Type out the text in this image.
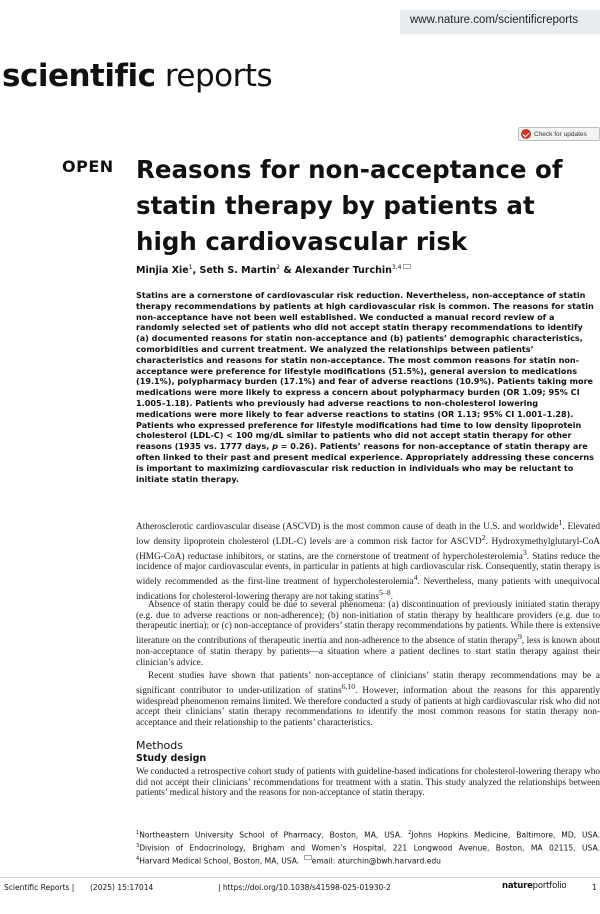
www.nature.com/scientificreports
scientific reports
Check for updates
OPEN Reasons for non-acceptance of statin therapy by patients at high cardiovascular risk
Minjia Xie$^1$, Seth S. Martin$^2$ & Alexander Turchin$^{3,4}$
Statins are a cornerstone of cardiovascular risk reduction. Nevertheless, non-acceptance of statin therapy recommendations by patients at high cardiovascular risk is common. The reasons for statin non-acceptance have not been well established. We conducted a manual record review of a randomly selected set of patients who did not accept statin therapy recommendations to identify (a) documented reasons for statin non-acceptance and (b) patients’ demographic characteristics, comorbidities and current treatment. We analyzed the relationships between patients’ characteristics and reasons for statin non-acceptance. The most common reasons for statin non-acceptance were preference for lifestyle modifications (51.5%), general aversion to medications (19.1%), polypharmacy burden (17.1%) and fear of adverse reactions (10.9%). Patients taking more medications were more likely to express a concern about polypharmacy burden (OR 1.09; 95% CI 1.005–1.18). Patients who previously had adverse reactions to non-cholesterol lowering medications were more likely to fear adverse reactions to statins (OR 1.13; 95% CI 1.001–1.28). Patients who expressed preference for lifestyle modifications had time to low density lipoprotein cholesterol (LDL-C) < 100 mg/dL similar to patients who did not accept statin therapy for other reasons (1935 vs. 1777 days, p = 0.26). Patients’ reasons for non-acceptance of statin therapy are often linked to their past and present medical experience. Appropriately addressing these concerns is important to maximizing cardiovascular risk reduction in individuals who may be reluctant to initiate statin therapy.
Atherosclerotic cardiovascular disease (ASCVD) is the most common cause of death in the U.S. and worldwide$^1$. Elevated low density lipoprotein cholesterol (LDL-C) levels are a common risk factor for ASCVD$^2$. Hydroxymethylglutaryl-CoA (HMG-CoA) reductase inhibitors, or statins, are the cornerstone of treatment of hypercholesterolemia$^3$. Statins reduce the incidence of major cardiovascular events, in particular in patients at high cardiovascular risk. Consequently, statin therapy is widely recommended as the first-line treatment of hypercholesterolemia$^4$. Nevertheless, many patients with unequivocal indications for cholesterol-lowering therapy are not taking statins$^{5-8}$.
Absence of statin therapy could be due to several phenomena: (a) discontinuation of previously initiated statin therapy (e.g. due to adverse reactions or non-adherence); (b) non-initiation of statin therapy by healthcare providers (e.g. due to therapeutic inertia); or (c) non-acceptance of providers’ statin therapy recommendations by patients. While there is extensive literature on the contributions of therapeutic inertia and non-adherence to the absence of statin therapy$^9$, less is known about non-acceptance of statin therapy by patients—a situation where a patient declines to start statin therapy against their clinician’s advice.
Recent studies have shown that patients’ non-acceptance of clinicians’ statin therapy recommendations may be a significant contributor to under-utilization of statins$^{6,10}$. However, information about the reasons for this apparently widespread phenomenon remains limited. We therefore conducted a study of patients at high cardiovascular risk who did not accept their clinicians’ statin therapy recommendations to identify the most common reasons for statin therapy non-acceptance and their relationship to the patients’ characteristics.
Methods
Study design
We conducted a retrospective cohort study of patients with guideline-based indications for cholesterol-lowering therapy who did not accept their clinicians’ recommendations for treatment with a statin. This study analyzed the relationships between patients’ medical history and the reasons for non-acceptance of statin therapy.
$^1$Northeastern University School of Pharmacy, Boston, MA, USA. $^2$Johns Hopkins Medicine, Baltimore, MD, USA.
$^3$Division of Endocrinology, Brigham and Women’s Hospital, 221 Longwood Avenue, Boston, MA 02115, USA.
$^4$Harvard Medical School, Boston, MA, USA. email: aturchin@bwh.harvard.edu
Scientific Reports | (2025) 15:17014	| https://doi.org/10.1038/s41598-025-01930-2	natureportfolio	1
